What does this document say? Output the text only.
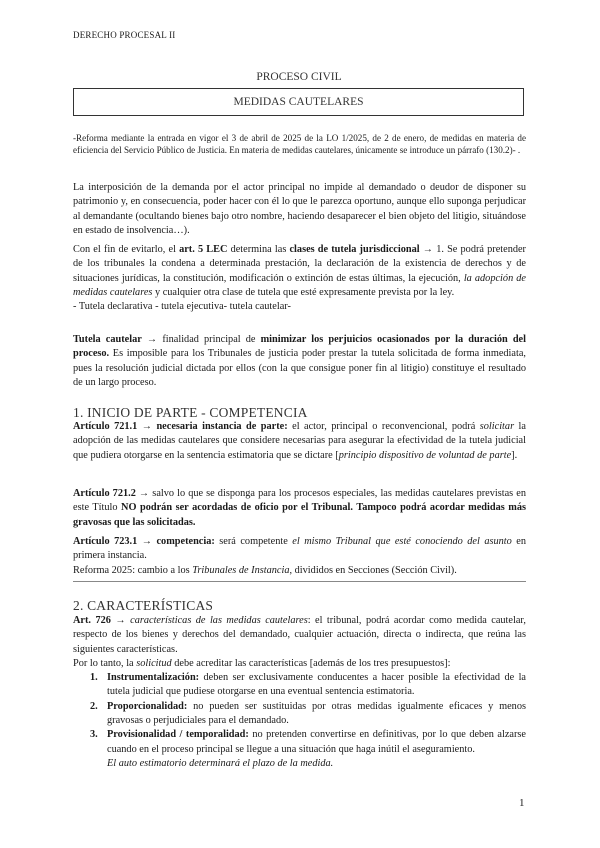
DERECHO PROCESAL II
PROCESO CIVIL
MEDIDAS CAUTELARES

-Reforma mediante la entrada en vigor el 3 de abril de 2025 de la LO 1/2025, de 2 de enero, de medidas en materia de eficiencia del Servicio Público de Justicia. En materia de medidas cautelares, únicamente se introduce un párrafo (130.2)- .

La interposición de la demanda por el actor principal no impide al demandado o deudor de disponer su patrimonio y, en consecuencia, poder hacer con él lo que le parezca oportuno, aunque ello suponga perjudicar al demandante (ocultando bienes bajo otro nombre, haciendo desaparecer el bien objeto del litigio, situándose en estado de insolvencia…).

Con el fin de evitarlo, el art. 5 LEC determina las clases de tutela jurisdiccional → 1. Se podrá pretender de los tribunales la condena a determinada prestación, la declaración de la existencia de derechos y de situaciones jurídicas, la constitución, modificación o extinción de estas últimas, la ejecución, la adopción de medidas cautelares y cualquier otra clase de tutela que esté expresamente prevista por la ley.

- Tutela declarativa - tutela ejecutiva- tutela cautelar-

Tutela cautelar → finalidad principal de minimizar los perjuicios ocasionados por la duración del proceso. Es imposible para los Tribunales de justicia poder prestar la tutela solicitada de forma inmediata, pues la resolución judicial dictada por ellos (con la que consigue poner fin al litigio) constituye el resultado de un largo proceso.

1. INICIO DE PARTE - COMPETENCIA

Artículo 721.1 → necesaria instancia de parte: el actor, principal o reconvencional, podrá solicitar la adopción de las medidas cautelares que considere necesarias para asegurar la efectividad de la tutela judicial que pudiera otorgarse en la sentencia estimatoria que se dictare [principio dispositivo de voluntad de parte].

Artículo 721.2 → salvo lo que se disponga para los procesos especiales, las medidas cautelares previstas en este Título NO podrán ser acordadas de oficio por el Tribunal. Tampoco podrá acordar medidas más gravosas que las solicitadas.

Artículo 723.1 → competencia: será competente el mismo Tribunal que esté conociendo del asunto en primera instancia.

Reforma 2025: cambio a los Tribunales de Instancia, divididos en Secciones (Sección Civil).

2. CARACTERÍSTICAS

Art. 726 → características de las medidas cautelares: el tribunal, podrá acordar como medida cautelar, respecto de los bienes y derechos del demandado, cualquier actuación, directa o indirecta, que reúna las siguientes características.

Por lo tanto, la solicitud debe acreditar las características [además de los tres presupuestos]:

1. Instrumentalización: deben ser exclusivamente conducentes a hacer posible la efectividad de la tutela judicial que pudiese otorgarse en una eventual sentencia estimatoria.
2. Proporcionalidad: no pueden ser sustituidas por otras medidas igualmente eficaces y menos gravosas o perjudiciales para el demandado.
3. Provisionalidad / temporalidad: no pretenden convertirse en definitivas, por lo que deben alzarse cuando en el proceso principal se llegue a una situación que haga inútil el aseguramiento.
El auto estimatorio determinará el plazo de la medida.
1
